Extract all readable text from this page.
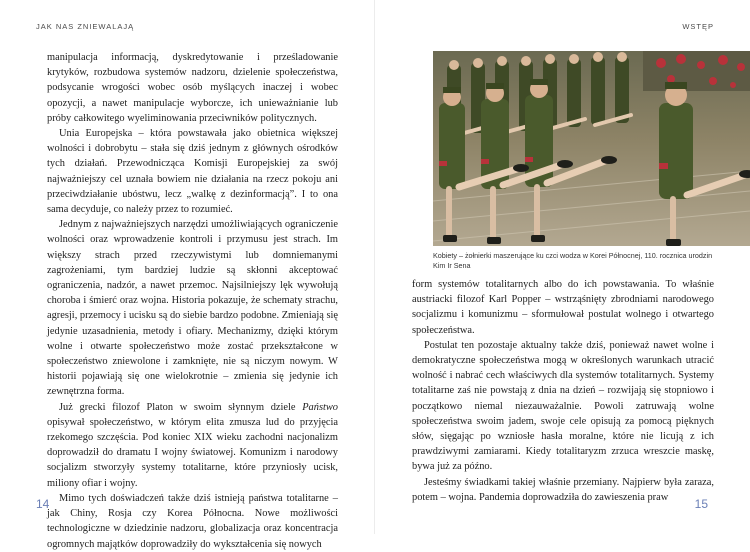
JAK NAS ZNIEWALAJĄ

manipulacja informacją, dyskredytowanie i prześladowanie krytyków, rozbudowa systemów nadzoru, dzielenie społeczeństwa, podsycanie wrogości wobec osób myślących inaczej i wobec opozycji, a nawet manipulacje wyborcze, ich unieważnianie lub próby całkowitego wyeliminowania przeciwników politycznych.

Unia Europejska – która powstawała jako obietnica większej wolności i dobrobytu – stała się dziś jednym z głównych ośrodków tych działań. Przewodnicząca Komisji Europejskiej za swój najważniejszy cel uznała bowiem nie działania na rzecz pokoju ani przeciwdziałanie ubóstwu, lecz „walkę z dezinformacją”. I to ona sama decyduje, co należy przez to rozumieć.

Jednym z najważniejszych narzędzi umożliwiających ograniczenie wolności oraz wprowadzenie kontroli i przymusu jest strach. Im większy strach przed rzeczywistymi lub domniemanymi zagrożeniami, tym bardziej ludzie są skłonni akceptować ograniczenia, nadzór, a nawet przemoc. Najsilniejszy lęk wywołują choroba i śmierć oraz wojna. Historia pokazuje, że schematy strachu, agresji, przemocy i ucisku są do siebie bardzo podobne. Zmieniają się jedynie uzasadnienia, metody i ofiary. Mechanizmy, dzięki którym wolne i otwarte społeczeństwo może zostać przekształcone w społeczeństwo zniewolone i zamknięte, nie są niczym nowym. W historii pojawiają się one wielokrotnie – zmienia się jedynie ich zewnętrzna forma.

Już grecki filozof Platon w swoim słynnym dziele Państwo opisywał społeczeństwo, w którym elita zmusza lud do przyjęcia rzekomego szczęścia. Pod koniec XIX wieku zachodni nacjonalizm doprowadził do dramatu I wojny światowej. Komunizm i narodowy socjalizm stworzyły systemy totalitarne, które przyniosły ucisk, miliony ofiar i wojny.

Mimo tych doświadczeń także dziś istnieją państwa totalitarne – jak Chiny, Rosja czy Korea Północna. Nowe możliwości technologiczne w dziedzinie nadzoru, globalizacja oraz koncentracja ogromnych majątków doprowadziły do wykształcenia się nowych

14
WSTĘP
Kobiety – żołnierki maszerujące ku czci wodza w Korei Północnej, 110. rocznica urodzin Kim Ir Sena

form systemów totalitarnych albo do ich powstawania. To właśnie austriacki filozof Karl Popper – wstrząśnięty zbrodniami narodowego socjalizmu i komunizmu – sformułował postulat wolnego i otwartego społeczeństwa.

Postulat ten pozostaje aktualny także dziś, ponieważ nawet wolne i demokratyczne społeczeństwa mogą w określonych warunkach utracić wolność i nabrać cech właściwych dla systemów totalitarnych. Systemy totalitarne zaś nie powstają z dnia na dzień – rozwijają się stopniowo i początkowo niemal niezauważalnie. Powoli zatruwają wolne społeczeństwa swoim jadem, swoje cele opisują za pomocą pięknych słów, sięgając po wzniosłe hasła moralne, które nie licują z ich prawdziwymi zamiarami. Kiedy totalitaryzm zrzuca wreszcie maskę, bywa już za późno.

Jesteśmy świadkami takiej właśnie przemiany. Najpierw była zaraza, potem – wojna. Pandemia doprowadziła do zawieszenia praw	15
